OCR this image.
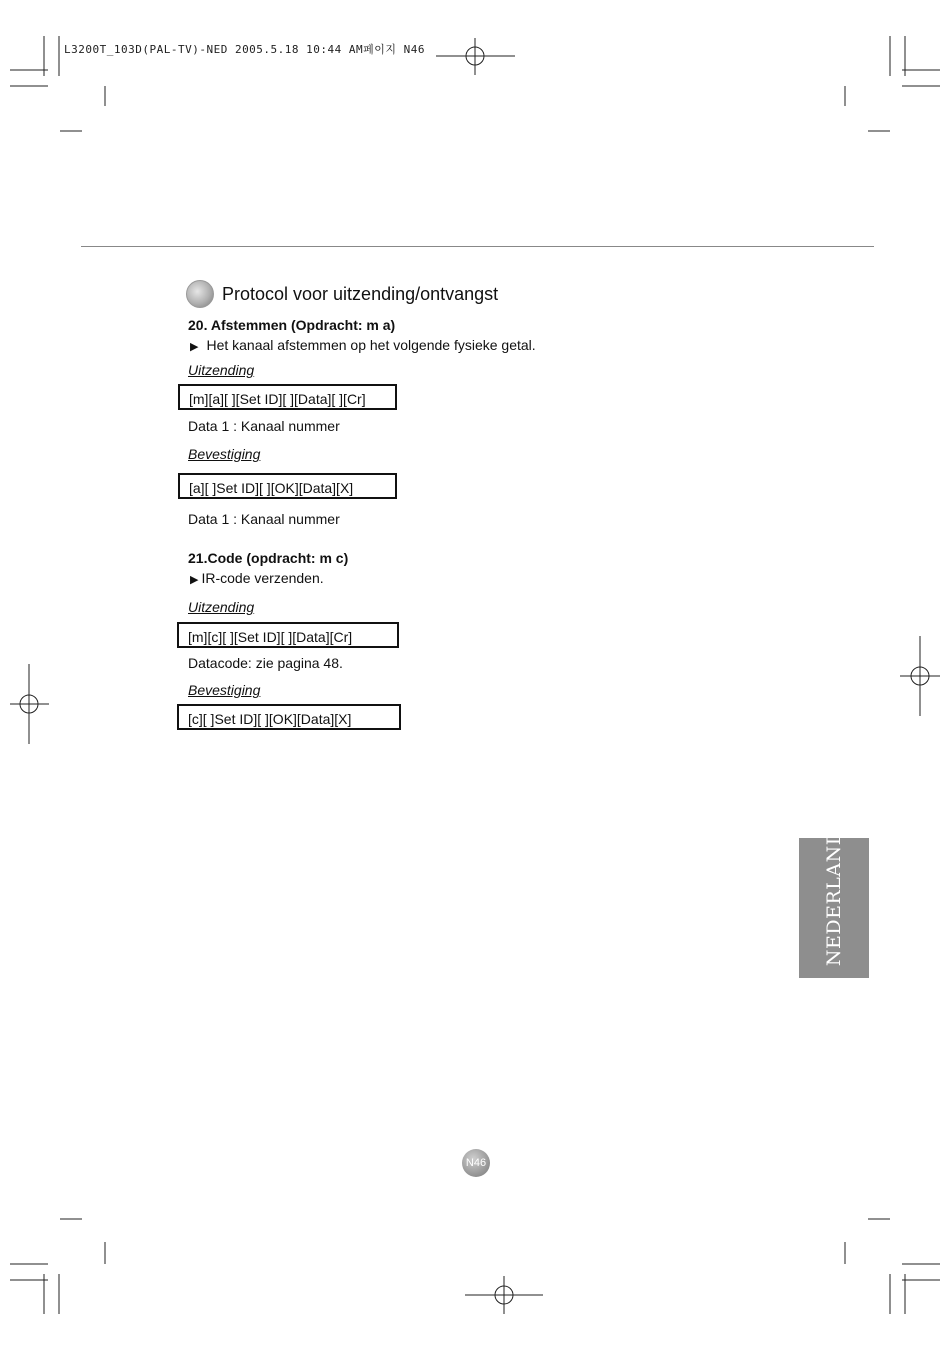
L3200T_103D(PAL-TV)-NED 2005.5.18 10:44 AM페이지 N46
Protocol voor uitzending/ontvangst
20. Afstemmen (Opdracht: m a)
▶ Het kanaal afstemmen op het volgende fysieke getal.
Uitzending
[m][a][ ][Set ID][ ][Data][ ][Cr]
Data 1 : Kanaal nummer
Bevestiging
[a][ ]Set ID][ ][OK][Data][X]
Data 1 : Kanaal nummer
21.Code (opdracht: m c)
▶ IR-code verzenden.
Uitzending
[m][c][ ][Set ID][ ][Data][Cr]
Datacode: zie pagina 48.
Bevestiging
[c][ ]Set ID][ ][OK][Data][X]
NEDERLANDS
N46
